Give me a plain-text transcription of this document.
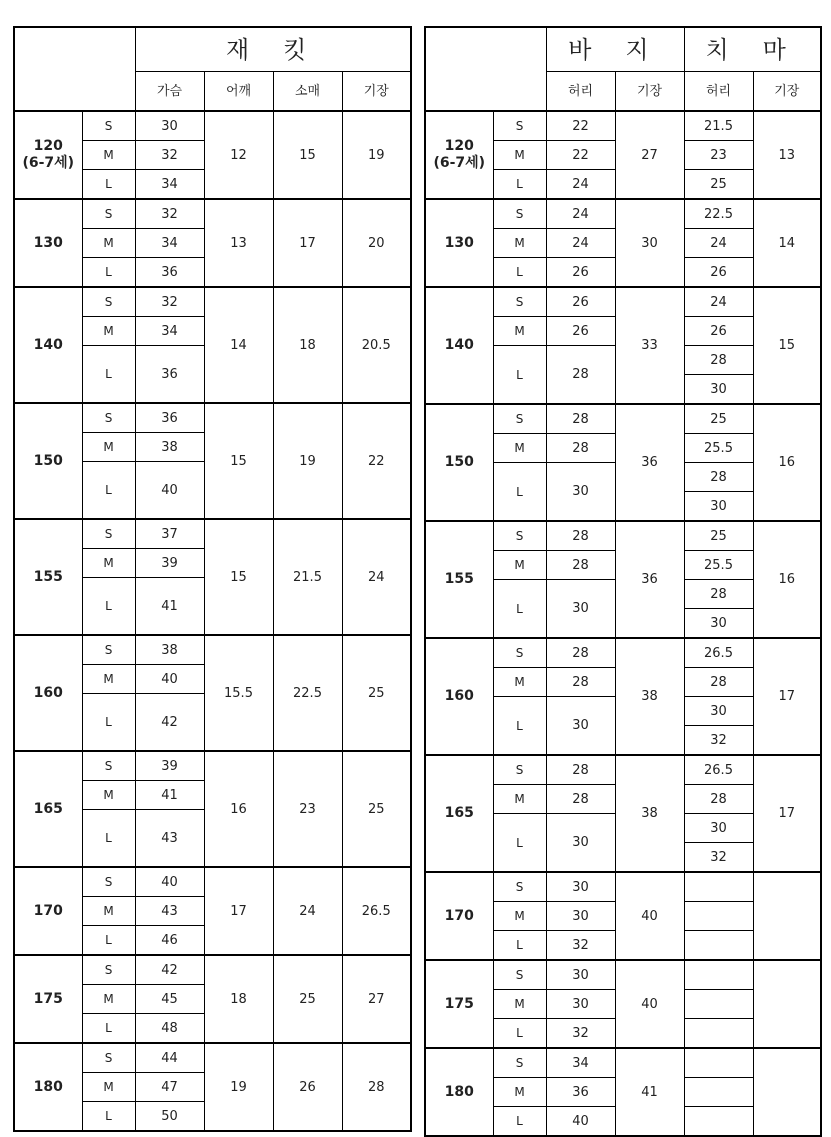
		재 킷			
		가슴	어깨	소매	기장
120
(6-7세)	S	30	12	15	19
	M	32			
	L	34			
130	S	32	13	17	20
	M	34			
	L	36			
140	S	32	14	18	20.5
	M	34			
	L	36			
150	S	36	15	19	22
	M	38			
	L	40			
155	S	37	15	21.5	24
	M	39			
	L	41			
160	S	38	15.5	22.5	25
	M	40			
	L	42			
165	S	39	16	23	25
	M	41			
	L	43			
170	S	40	17	24	26.5
	M	43			
	L	46			
175	S	42	18	25	27
	M	45			
	L	48			
180	S	44	19	26	28
	M	47			
	L	50			
		바 지		치 마	
		허리	기장	허리	기장
120
(6-7세)	S	22	27	21.5	13
	M	22		23	
	L	24		25	
130	S	24	30	22.5	14
	M	24		24	
	L	26		26	
140	S	26	33	24	15
	M	26		26	
	L	28		28	
				30	
150	S	28	36	25	16
	M	28		25.5	
	L	30		28	
				30	
155	S	28	36	25	16
	M	28		25.5	
	L	30		28	
				30	
160	S	28	38	26.5	17
	M	28		28	
	L	30		30	
				32	
165	S	28	38	26.5	17
	M	28		28	
	L	30		30	
				32	
170	S	30	40		
	M	30			
	L	32			
175	S	30	40		
	M	30			
	L	32			
180	S	34	41		
	M	36			
	L	40			
